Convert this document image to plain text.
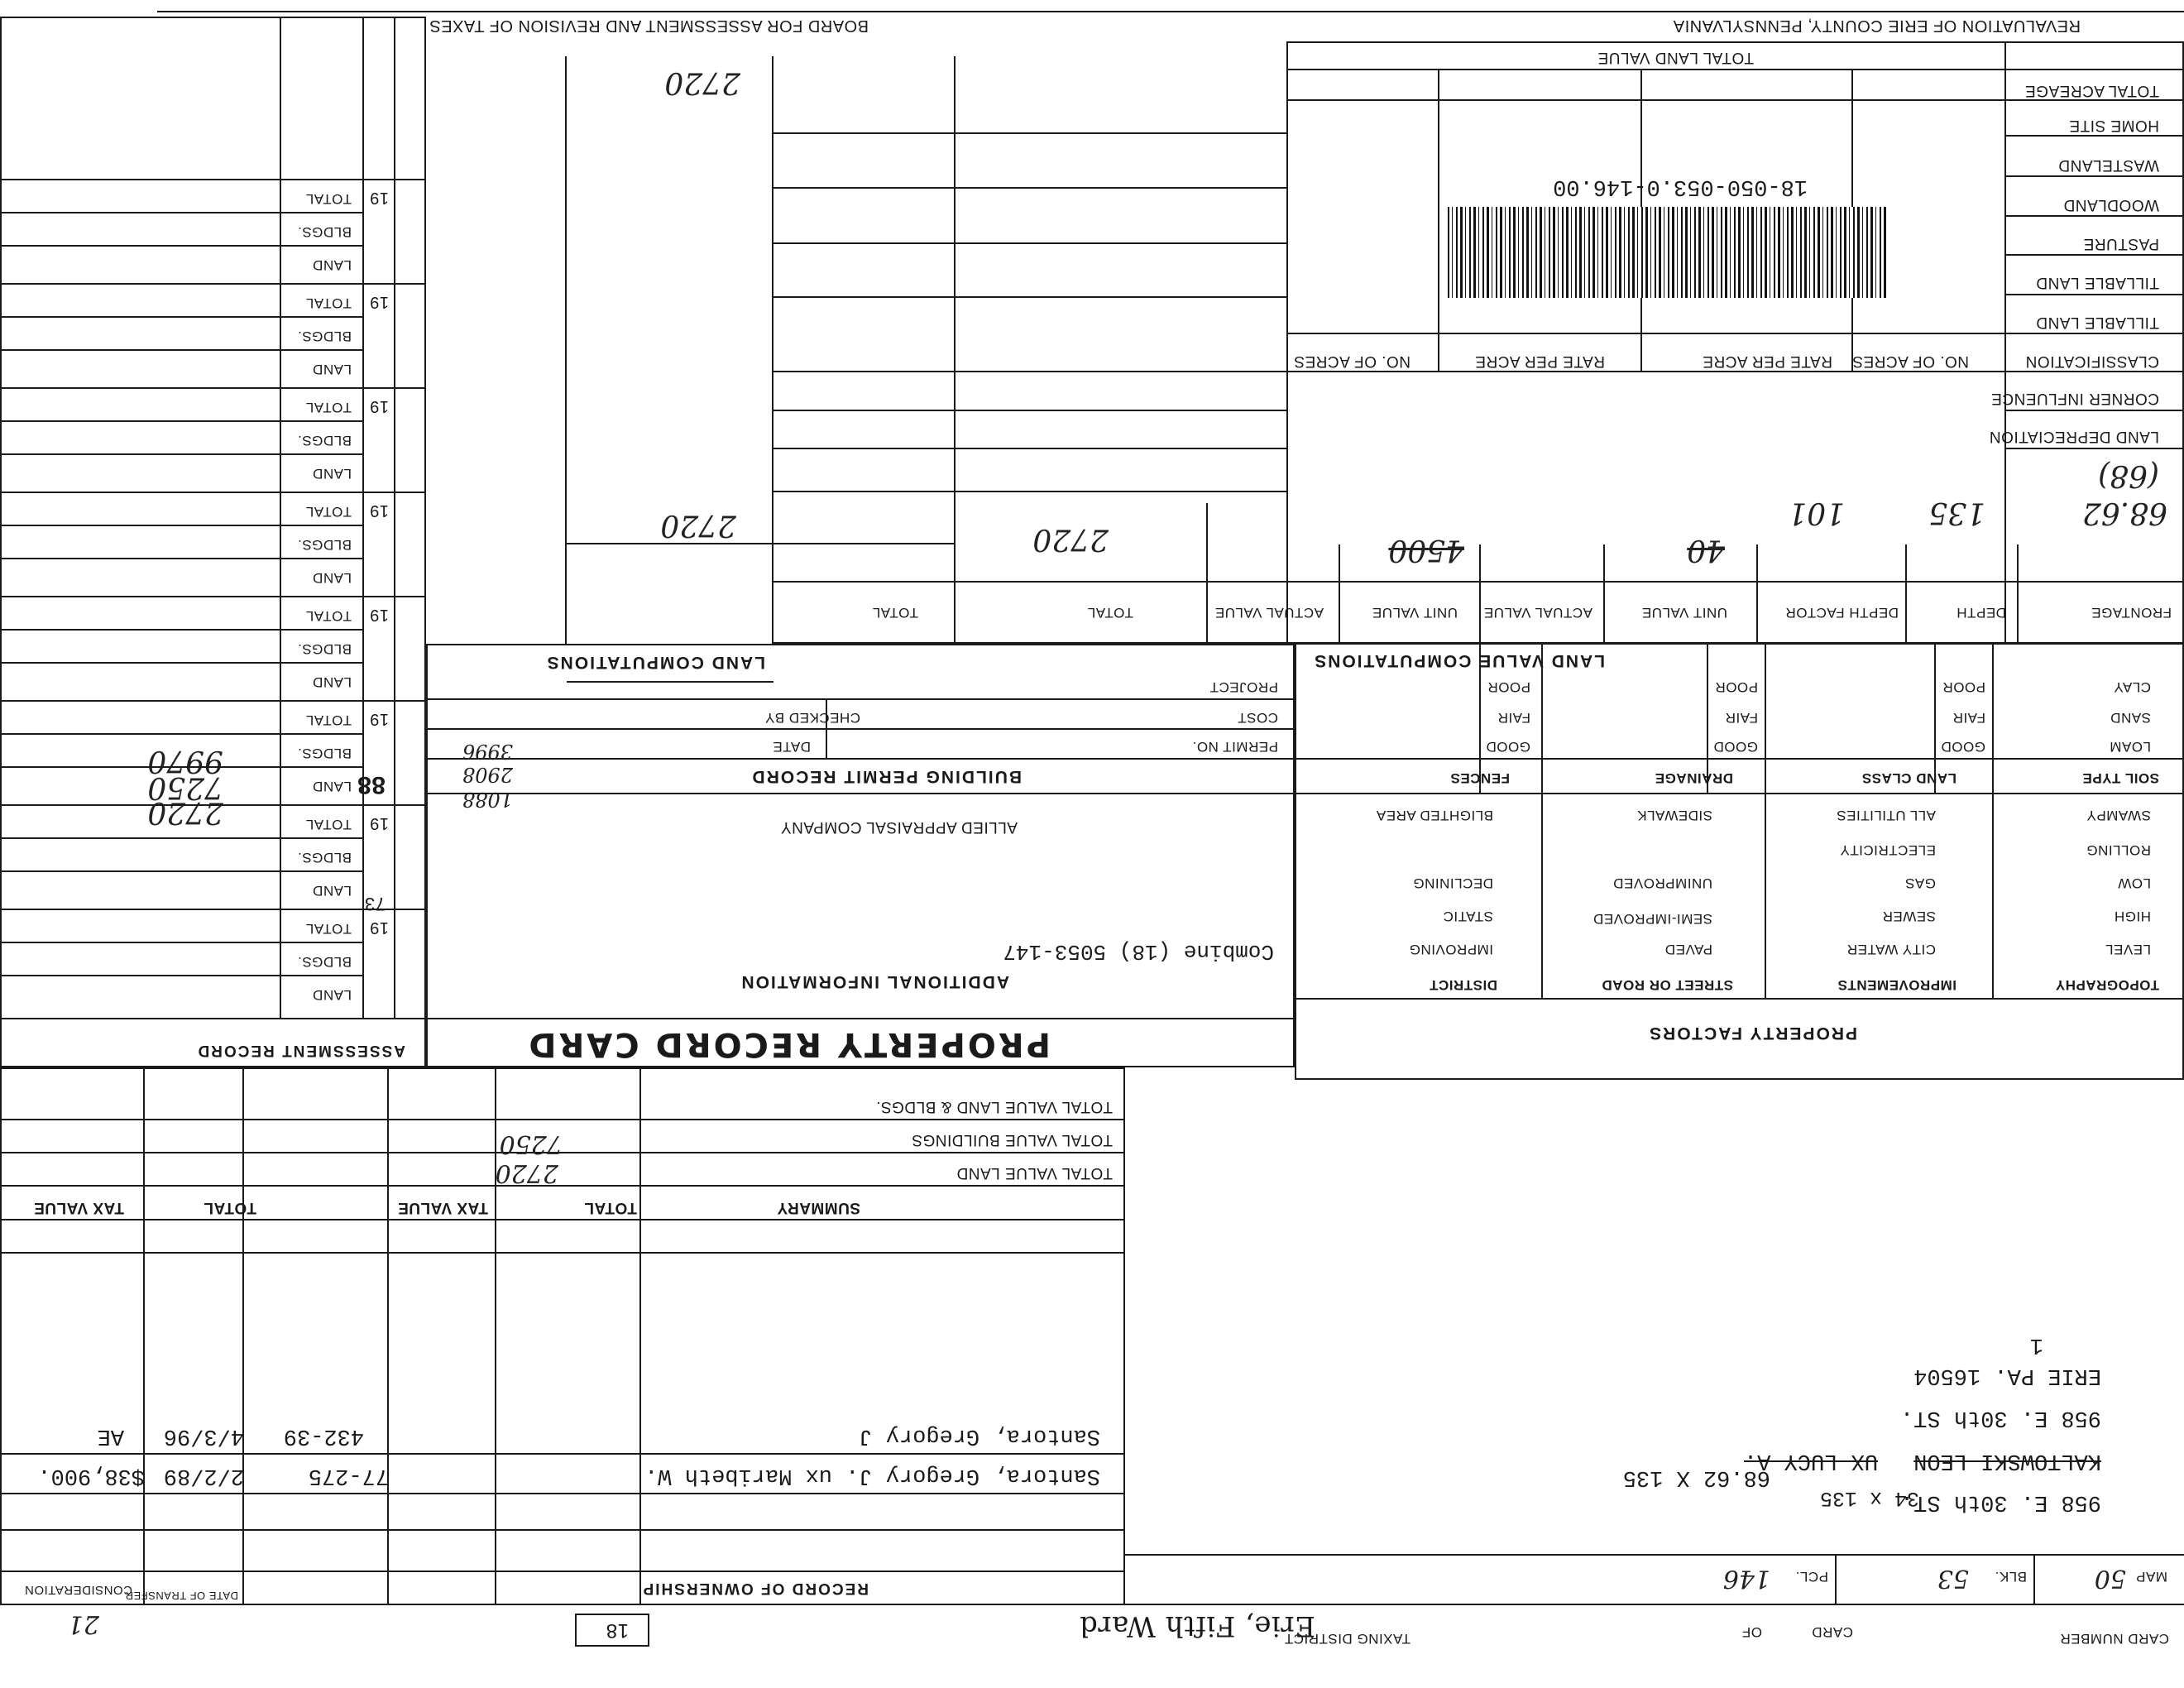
REVALUATION OF ERIE COUNTY, PENNSYLVANIA
BOARD FOR ASSESSMENT AND REVISION OF TAXES
TOTAL LAND VALUE
TOTAL ACREAGE
HOME SITE
WASTELAND
WOODLAND
PASTURE
TILLABLE LAND
TILLABLE LAND
CLASSIFICATION
RATE PER ACRE NO. OF ACRES
RATE PER ACRE
NO. OF ACRES
CORNER INFLUENCE
LAND DEPRECIATION
18-050-053.0-146.00
68.62
(68)
135
101
2720	40
4500
FRONTAGE
DEPTH
DEPTH FACTOR
UNIT VALUE
ACTUAL VALUE
UNIT VALUE
ACTUAL VALUE
TOTAL
TOTAL
2720
2720
LAND VALUE COMPUTATIONS
LAND COMPUTATIONS
CLAY
SAND
LOAM
POOR
FAIR
GOOD
POOR
FAIR
GOOD
POOR
FAIR
GOOD
SOIL TYPE
LAND CLASS
DRAINAGE
FENCES
SWAMPY
ROLLING
LOW
HIGH
LEVEL
ALL UTILITIES
ELECTRICITY
GAS
SEWER
CITY WATER
SIDEWALK
UNIMPROVED
SEMI-IMPROVED
PAVED
BLIGHTED AREA
DECLINING
STATIC
IMPROVING
TOPOGRAPHY
IMPROVEMENTS
STREET OR ROAD
DISTRICT
PROPERTY FACTORS
PROJECT
COST
PERMIT NO.
DATE
CHECKED BY
BUILDING PERMIT RECORD
3996
2908
1088
ALLIED APPRAISAL COMPANY
Combine (18) 5053-147
ADDITIONAL INFORMATION
PROPERTY RECORD CARD
ASSESSMENT RECORD
88
73
2720
7250
9970
TOTAL VALUE LAND & BLDGS.
TOTAL VALUE BUILDINGS
TOTAL VALUE LAND
7250
2720
SUMMARY
TOTAL
TAX VALUE
TOTAL
TAX VALUE
Santora, Gregory J. ux Maribeth W.
77-275
2/2/89
$38,900.
Santora, Gregory J
432-39
4/3/96
AE
RECORD OF OWNERSHIP
DATE OF TRANSFER
CONSIDERATION
21
CARD NUMBER
CARD
OF
TAXING DISTRICT
Erie, Fifth Ward
18
MAP
50
BLK.
53
PCL.
146
958 E. 30th ST.
34 x 135
68.62 X 135
KALTOWSKI LEON
UX LUCY A.
958 E. 30th ST.
ERIE PA. 16504
1
LAND
BLDGS.
TOTAL 19
LAND
BLDGS.
TOTAL 19
LAND
BLDGS.
TOTAL 19
LAND
BLDGS.
TOTAL 19
LAND
BLDGS.
TOTAL 19
LAND
BLDGS.
TOTAL 19
LAND
BLDGS.
TOTAL 19
LAND
BLDGS.
TOTAL 19
